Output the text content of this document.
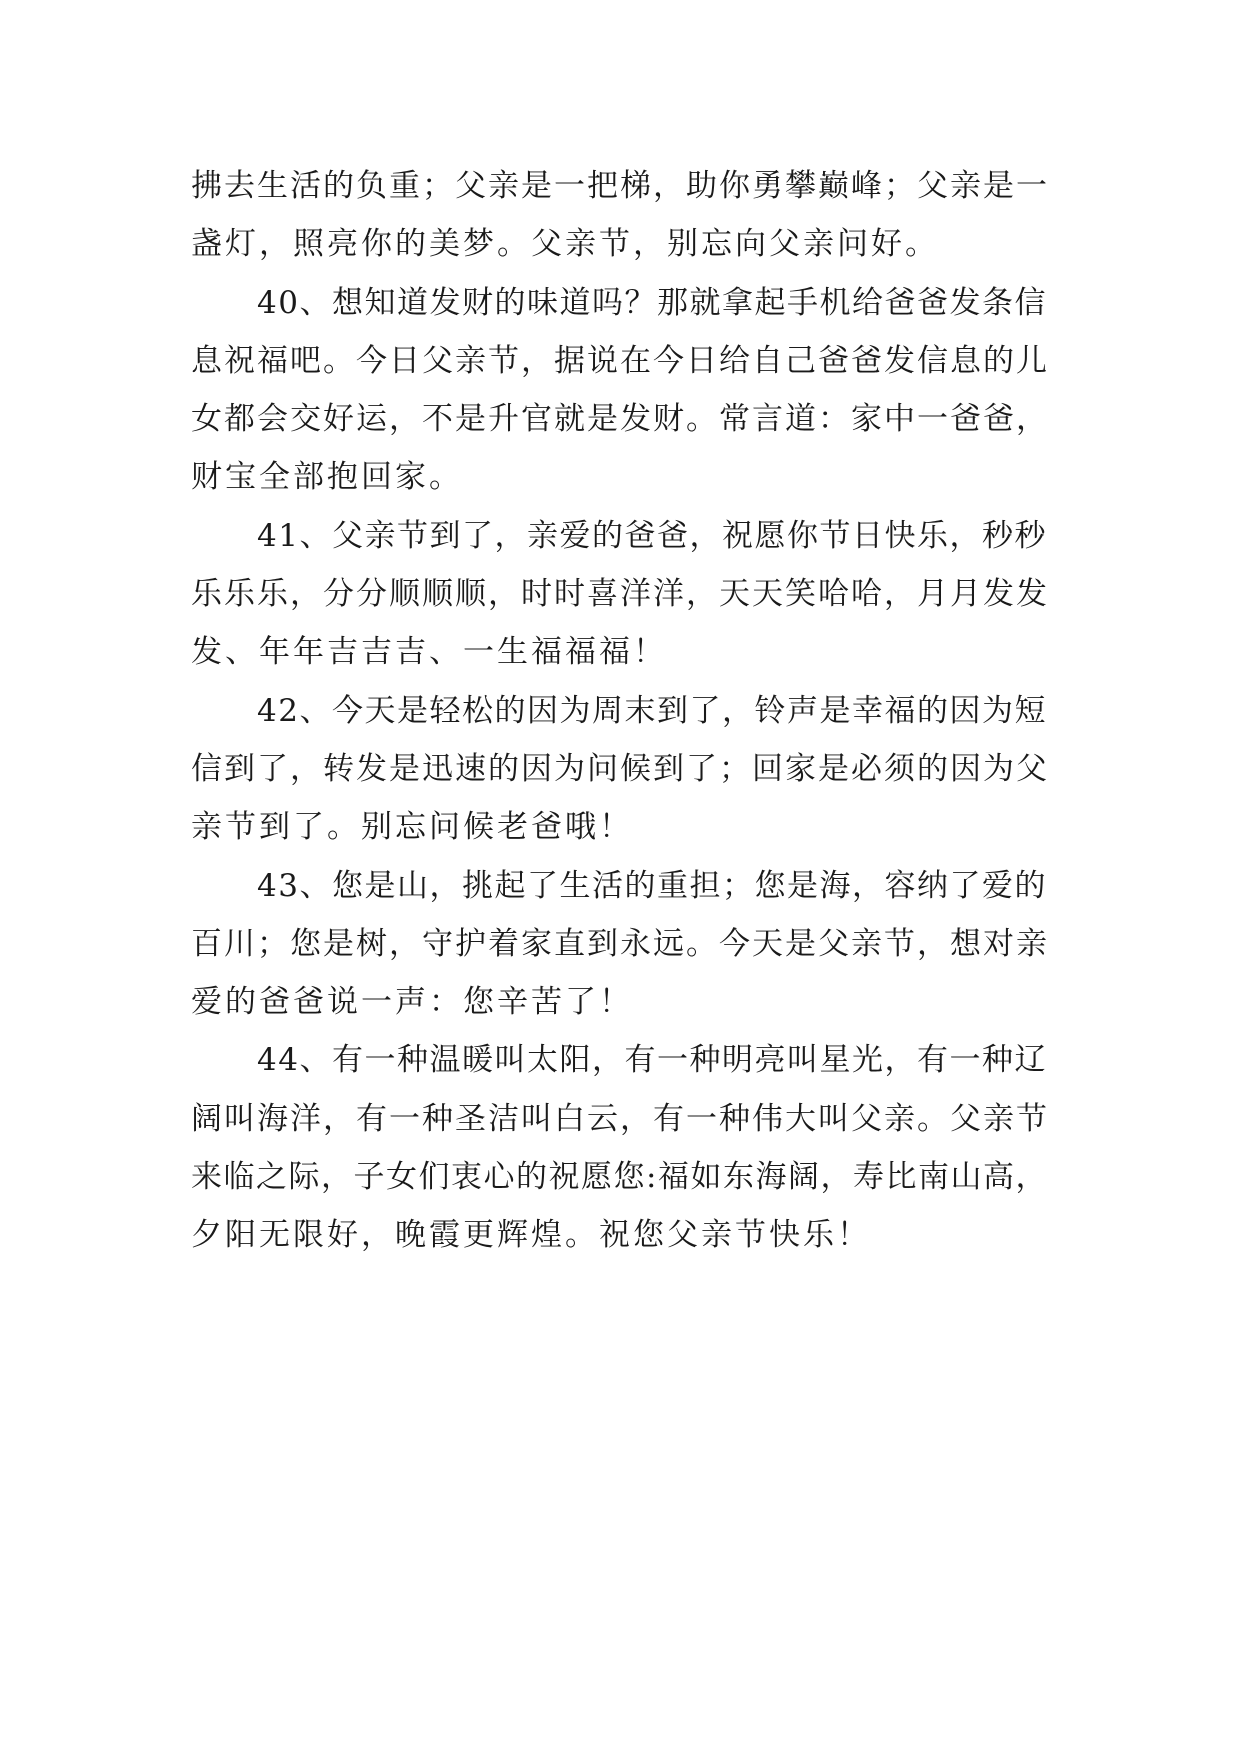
拂去生活的负重；父亲是一把梯，助你勇攀巅峰；父亲是一
盏灯，照亮你的美梦。父亲节，别忘向父亲问好。
40、想知道发财的味道吗？那就拿起手机给爸爸发条信
息祝福吧。今日父亲节，据说在今日给自己爸爸发信息的儿
女都会交好运，不是升官就是发财。常言道：家中一爸爸，
财宝全部抱回家。
41、父亲节到了，亲爱的爸爸，祝愿你节日快乐，秒秒
乐乐乐，分分顺顺顺，时时喜洋洋，天天笑哈哈，月月发发
发、年年吉吉吉、一生福福福！
42、今天是轻松的因为周末到了，铃声是幸福的因为短
信到了，转发是迅速的因为问候到了；回家是必须的因为父
亲节到了。别忘问候老爸哦！
43、您是山，挑起了生活的重担；您是海，容纳了爱的
百川；您是树，守护着家直到永远。今天是父亲节，想对亲
爱的爸爸说一声：您辛苦了！
44、有一种温暖叫太阳，有一种明亮叫星光，有一种辽
阔叫海洋，有一种圣洁叫白云，有一种伟大叫父亲。父亲节
来临之际，子女们衷心的祝愿您:福如东海阔，寿比南山高，
夕阳无限好，晚霞更辉煌。祝您父亲节快乐！
